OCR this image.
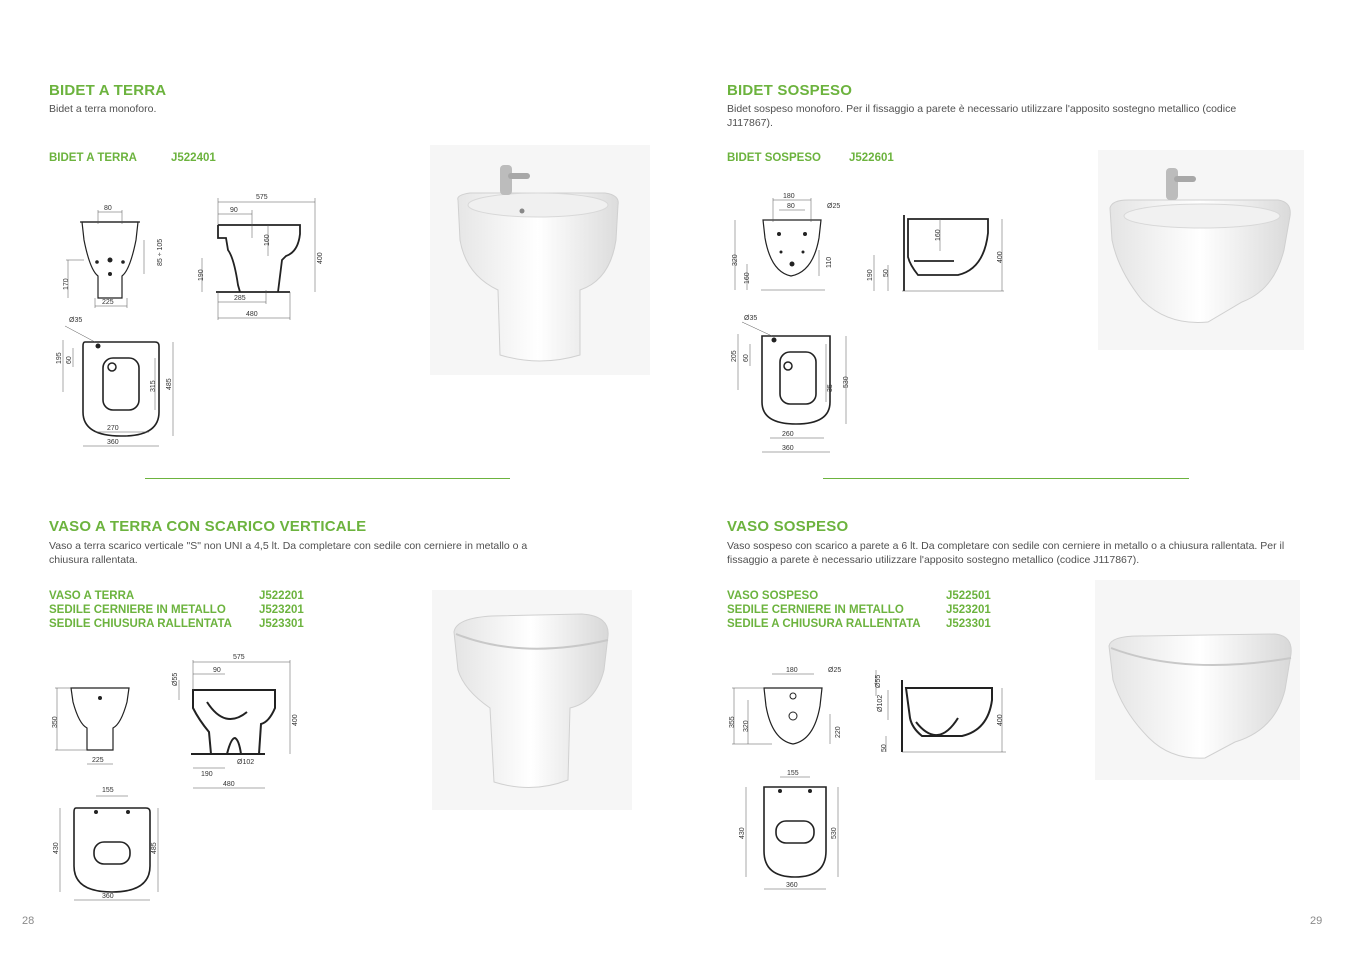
BIDET A TERRA
Bidet a terra monoforo.
BIDET A TERRA	J522401
80
170
85 ÷ 105
225
575
90
160
190
400
285
480
Ø35
195 60
315 485
270
360
VASO A TERRA CON SCARICO VERTICALE
Vaso a terra scarico verticale "S" non UNI a 4,5 lt. Da completare con sedile con cerniere in metallo o a chiusura rallentata.
VASO A TERRA	J522201
SEDILE CERNIERE IN METALLO	J523201
SEDILE CHIUSURA RALLENTATA J523301
350
225
575
90
Ø55
400
190
Ø102
480
155
430	485
360
28
BIDET SOSPESO
Bidet sospeso monoforo. Per il fissaggio a parete è necessario utilizzare l'apposito sostegno metallico (codice J117867).
BIDET SOSPESO J522601
180
80	Ø25
320
160
110
160
190 50
400
Ø35
205 60
35
530
260
360
VASO SOSPESO
Vaso sospeso con scarico a parete a 6 lt. Da completare con sedile con cerniere in metallo o a chiusura rallentata. Per il fissaggio a parete è necessario utilizzare l'apposito sostegno metallico (codice J117867).
VASO SOSPESO	J522501
SEDILE CERNIERE IN METALLO	J523201
SEDILE A CHIUSURA RALLENTATA J523301
180	Ø25
355 320
220
Ø55
Ø102
400
50
155
430	530
360
29
